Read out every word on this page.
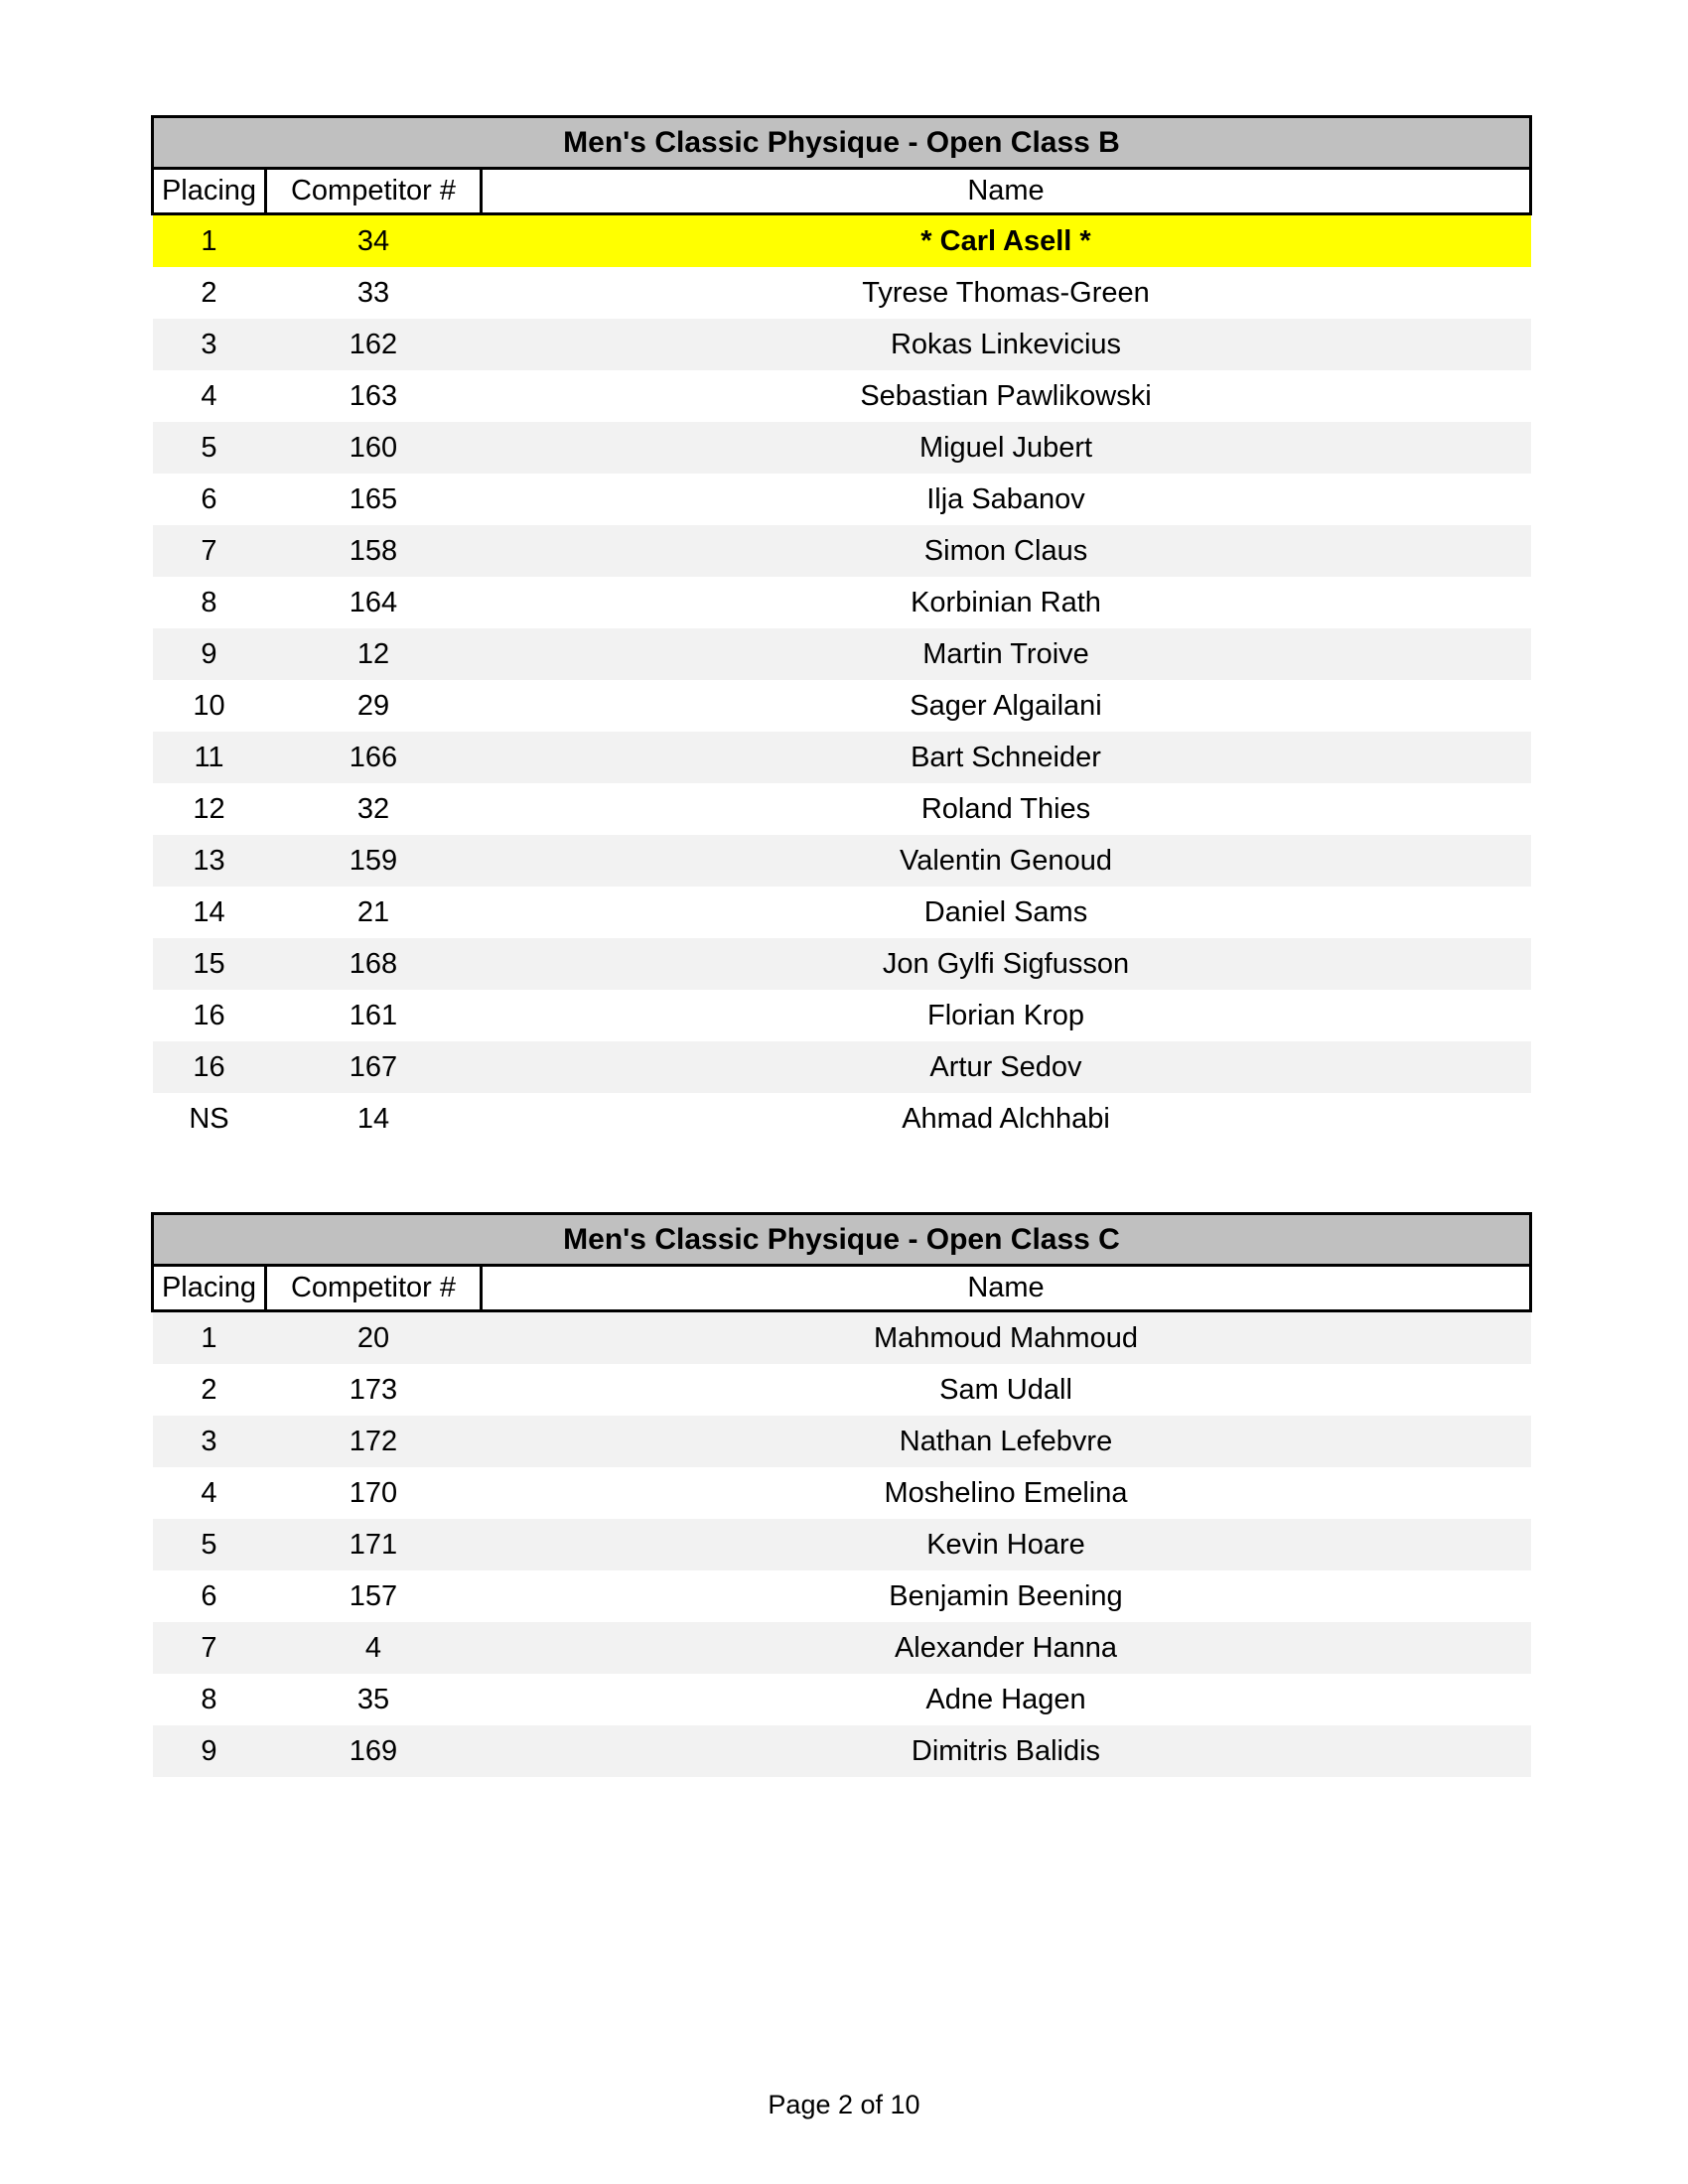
Men's Classic Physique - Open Class B		
Placing	Competitor #	Name
1	34	* Carl Asell *
2	33	Tyrese Thomas-Green
3	162	Rokas Linkevicius
4	163	Sebastian Pawlikowski
5	160	Miguel Jubert
6	165	Ilja Sabanov
7	158	Simon Claus
8	164	Korbinian Rath
9	12	Martin Troive
10	29	Sager Algailani
11	166	Bart Schneider
12	32	Roland Thies
13	159	Valentin Genoud
14	21	Daniel Sams
15	168	Jon Gylfi Sigfusson
16	161	Florian Krop
16	167	Artur Sedov
NS	14	Ahmad Alchhabi
Men's Classic Physique - Open Class C		
Placing	Competitor #	Name
1	20	Mahmoud Mahmoud
2	173	Sam Udall
3	172	Nathan Lefebvre
4	170	Moshelino Emelina
5	171	Kevin Hoare
6	157	Benjamin Beening
7	4	Alexander Hanna
8	35	Adne Hagen
9	169	Dimitris Balidis
Page 2 of 10
